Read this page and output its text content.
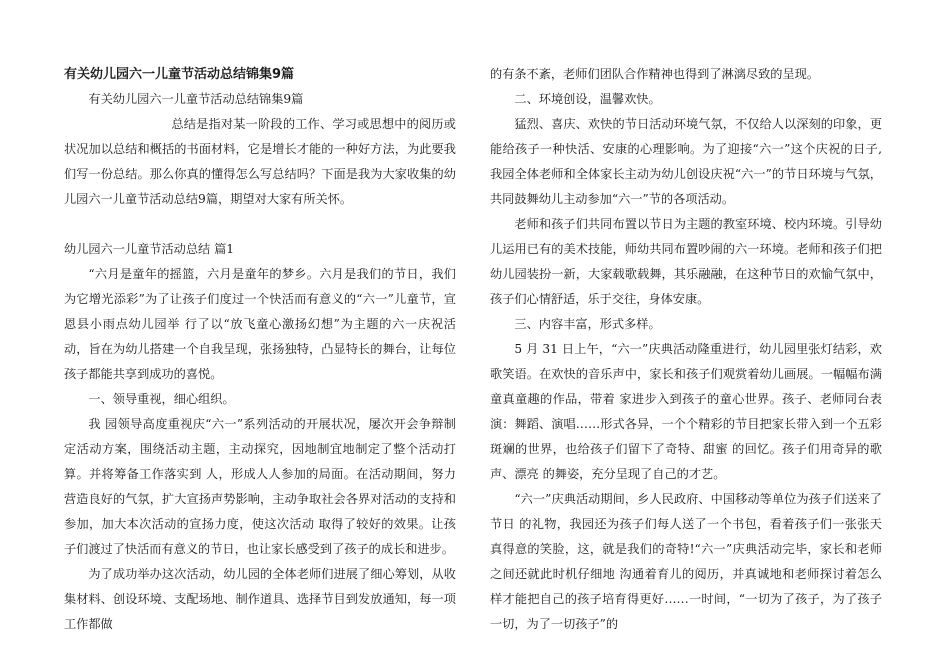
有关幼儿园六一儿童节活动总结锦集9篇

有关幼儿园六一儿童节活动总结锦集9篇

总结是指对某一阶段的工作、学习或思想中的阅历或状况加以总结和概括的书面材料，它是增长才能的一种好方法，为此要我们写一份总结。那么你真的懂得怎么写总结吗？下面是我为大家收集的幼儿园六一儿童节活动总结9篇，期望对大家有所关怀。

幼儿园六一儿童节活动总结 篇1

“六月是童年的摇篮，六月是童年的梦乡。六月是我们的节日，我们为它增光添彩”为了让孩子们度过一个快活而有意义的“六一”儿童节，宣恩县小雨点幼儿园举 行了以“放飞童心激扬幻想”为主题的六一庆祝活动，旨在为幼儿搭建一个自我呈现，张扬独特，凸显特长的舞台，让每位孩子都能共享到成功的喜悦。

一、领导重视，细心组织。

我 园领导高度重视庆“六一”系列活动的开展状况，屡次开会争辩制定活动方案，围绕活动主题，主动探究，因地制宜地制定了整个活动打算。并将筹备工作落实到 人，形成人人参加的局面。在活动期间，努力营造良好的气氛，扩大宣扬声势影响，主动争取社会各界对活动的支持和参加，加大本次活动的宣扬力度，使这次活动 取得了较好的效果。让孩子们渡过了快活而有意义的节日，也让家长感受到了孩子的成长和进步。

为了成功举办这次活动，幼儿园的全体老师们进展了细心筹划，从收集材料、创设环境、支配场地、制作道具、选择节目到发放通知，每一项工作都做

的有条不紊，老师们团队合作精神也得到了淋漓尽致的呈现。

二、环境创设，温馨欢快。

猛烈、喜庆、欢快的节日活动环境气氛，不仅给人以深刻的印象，更能给孩子一种快活、安康的心理影响。为了迎接“六一”这个庆祝的日子,我园全体老师和全体家长主动为幼儿创设庆祝“六一”的节日环境与气氛，共同鼓舞幼儿主动参加“六一”节的各项活动。

老师和孩子们共同布置以节日为主题的教室环境、校内环境。引导幼儿运用已有的美术技能，师幼共同布置吵闹的六一环境。老师和孩子们把幼儿园装扮一新，大家载歌载舞，其乐融融，在这种节日的欢愉气氛中，孩子们心情舒适，乐于交往，身体安康。

三、内容丰富，形式多样。

5 月 31 日上午，“六一”庆典活动隆重进行，幼儿园里张灯结彩，欢歌笑语。在欢快的音乐声中，家长和孩子们观赏着幼儿画展。一幅幅布满童真童趣的作品，带着 家进步入到孩子的童心世界。孩子、老师同台表演：舞蹈、演唱……形式各异，一个个精彩的节目把家长带入到一个五彩斑斓的世界，也给孩子们留下了奇特、甜蜜 的回忆。孩子们用奇异的歌声、漂亮 的舞姿，充分呈现了自己的才艺。

“六一”庆典活动期间，乡人民政府、中国移动等单位为孩子们送来了节日 的礼物，我园还为孩子们每人送了一个书包，看着孩子们一张张天真得意的笑脸，这，就是我们的奇特!“六一”庆典活动完毕，家长和老师之间还就此时机仔细地 沟通着育儿的阅历，并真诚地和老师探讨着怎么样才能把自己的孩子培育得更好……一时间，“一切为了孩子，为了孩子一切，为了一切孩子”的
